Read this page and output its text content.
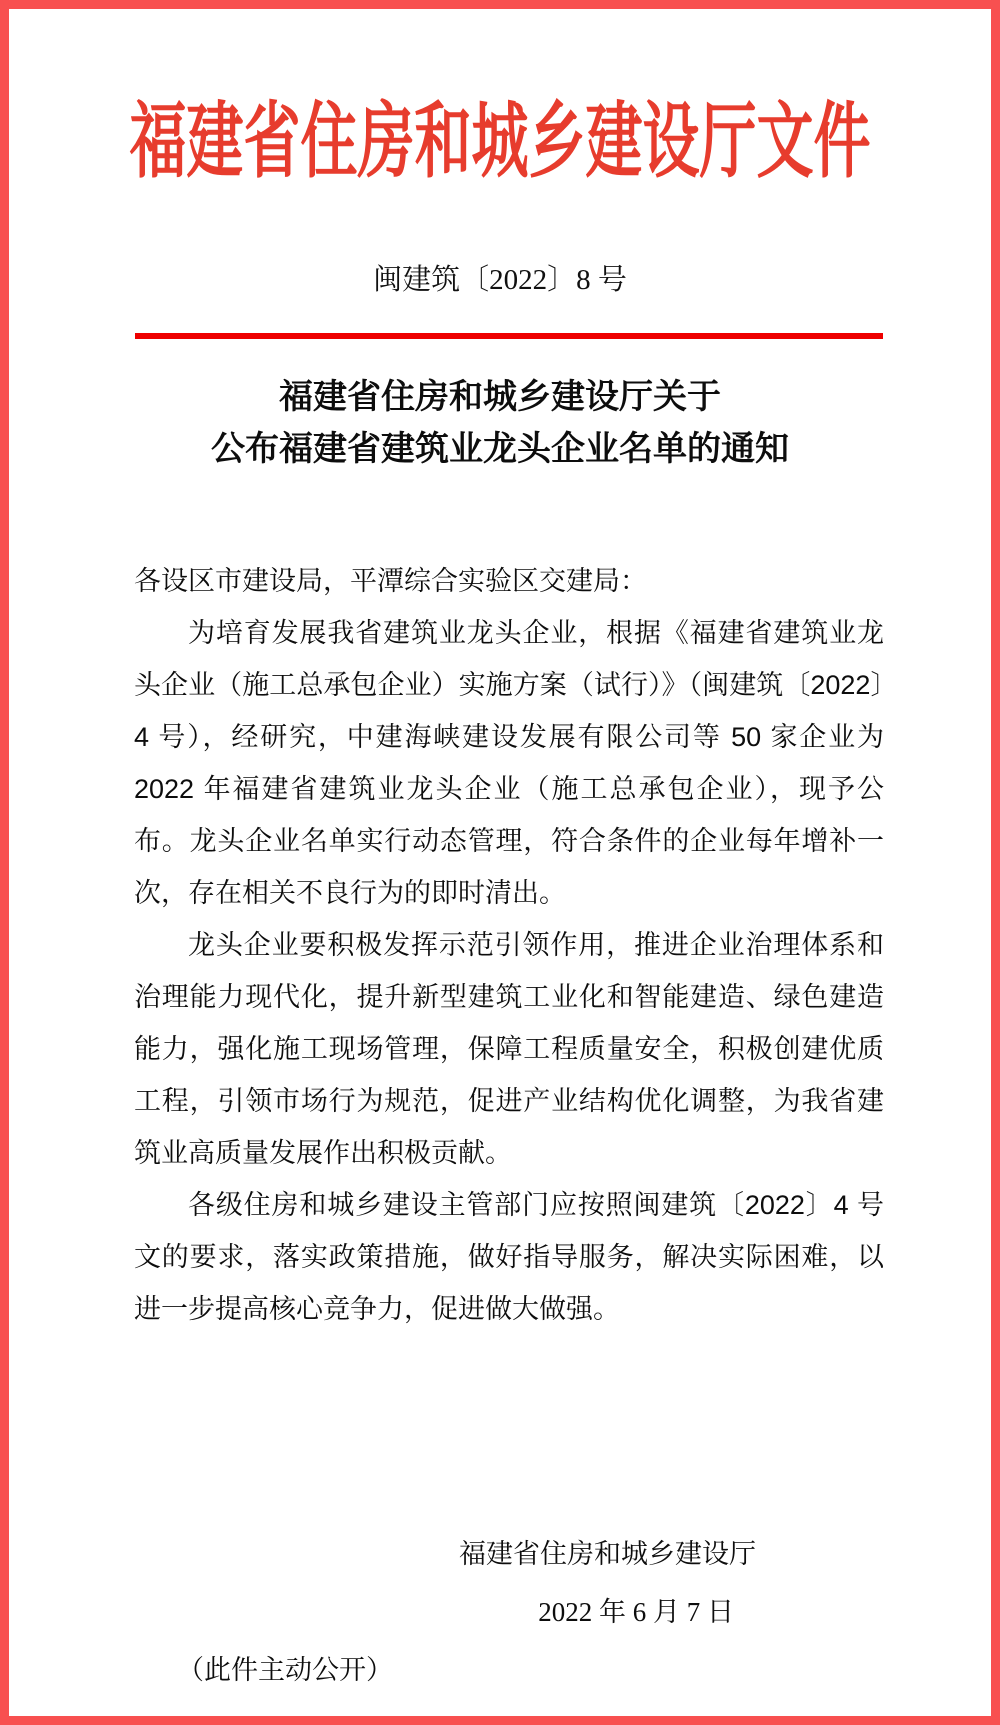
福建省住房和城乡建设厅文件
闽建筑〔2022〕8 号
福建省住房和城乡建设厅关于
公布福建省建筑业龙头企业名单的通知

各设区市建设局，平潭综合实验区交建局：

为培育发展我省建筑业龙头企业，根据《福建省建筑业龙头企业（施工总承包企业）实施方案（试行）》（闽建筑〔2022〕4 号），经研究，中建海峡建设发展有限公司等 50 家企业为 2022 年福建省建筑业龙头企业（施工总承包企业），现予公布。龙头企业名单实行动态管理，符合条件的企业每年增补一次，存在相关不良行为的即时清出。

龙头企业要积极发挥示范引领作用，推进企业治理体系和治理能力现代化，提升新型建筑工业化和智能建造、绿色建造能力，强化施工现场管理，保障工程质量安全，积极创建优质工程，引领市场行为规范，促进产业结构优化调整，为我省建筑业高质量发展作出积极贡献。

各级住房和城乡建设主管部门应按照闽建筑〔2022〕4 号文的要求，落实政策措施，做好指导服务，解决实际困难，以进一步提高核心竞争力，促进做大做强。

福建省住房和城乡建设厅
2022 年 6 月 7 日
（此件主动公开）
